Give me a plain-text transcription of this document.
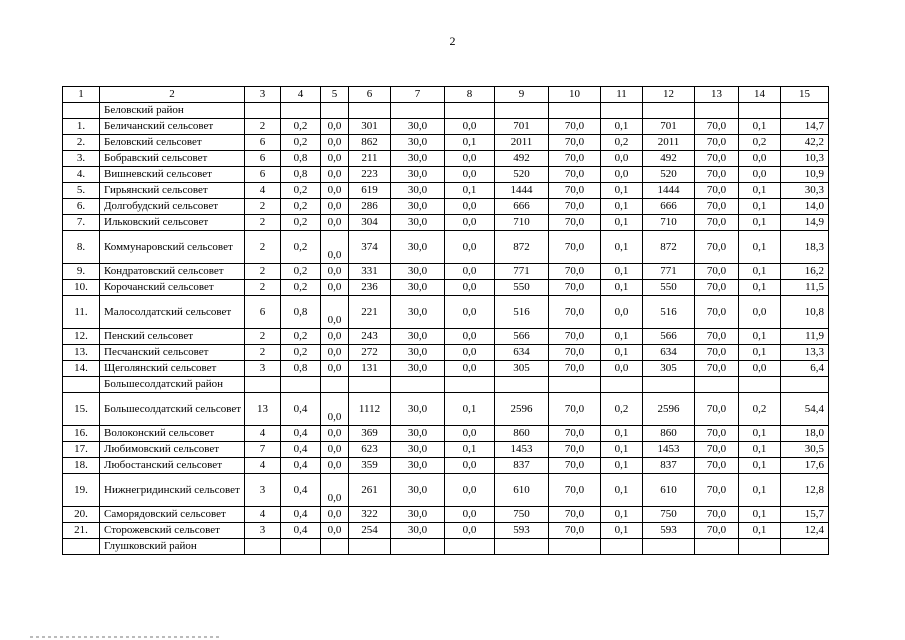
2
1	2	3	4	5	6	7	8	9	10	11	12	13	14	15
	Беловский район													
1.	Беличанский сельсовет	2	0,2	0,0	301	30,0	0,0	701	70,0	0,1	701	70,0	0,1	14,7
2.	Беловский сельсовет	6	0,2	0,0	862	30,0	0,1	2011	70,0	0,2	2011	70,0	0,2	42,2
3.	Бобравский сельсовет	6	0,8	0,0	211	30,0	0,0	492	70,0	0,0	492	70,0	0,0	10,3
4.	Вишневский сельсовет	6	0,8	0,0	223	30,0	0,0	520	70,0	0,0	520	70,0	0,0	10,9
5.	Гирьянский сельсовет	4	0,2	0,0	619	30,0	0,1	1444	70,0	0,1	1444	70,0	0,1	30,3
6.	Долгобудский сельсовет	2	0,2	0,0	286	30,0	0,0	666	70,0	0,1	666	70,0	0,1	14,0
7.	Ильковский сельсовет	2	0,2	0,0	304	30,0	0,0	710	70,0	0,1	710	70,0	0,1	14,9
8.	Коммунаровский сельсовет	2	0,2	0,0	374	30,0	0,0	872	70,0	0,1	872	70,0	0,1	18,3
9.	Кондратовский сельсовет	2	0,2	0,0	331	30,0	0,0	771	70,0	0,1	771	70,0	0,1	16,2
10.	Корочанский сельсовет	2	0,2	0,0	236	30,0	0,0	550	70,0	0,1	550	70,0	0,1	11,5
11.	Малосолдатский сельсовет	6	0,8	0,0	221	30,0	0,0	516	70,0	0,0	516	70,0	0,0	10,8
12.	Пенский сельсовет	2	0,2	0,0	243	30,0	0,0	566	70,0	0,1	566	70,0	0,1	11,9
13.	Песчанский сельсовет	2	0,2	0,0	272	30,0	0,0	634	70,0	0,1	634	70,0	0,1	13,3
14.	Щеголянский сельсовет	3	0,8	0,0	131	30,0	0,0	305	70,0	0,0	305	70,0	0,0	6,4
	Большесолдатский район													
15.	Большесолдатский сельсовет	13	0,4	0,0	1112	30,0	0,1	2596	70,0	0,2	2596	70,0	0,2	54,4
16.	Волоконский сельсовет	4	0,4	0,0	369	30,0	0,0	860	70,0	0,1	860	70,0	0,1	18,0
17.	Любимовский сельсовет	7	0,4	0,0	623	30,0	0,1	1453	70,0	0,1	1453	70,0	0,1	30,5
18.	Любостанский сельсовет	4	0,4	0,0	359	30,0	0,0	837	70,0	0,1	837	70,0	0,1	17,6
19.	Нижнегридинский сельсовет	3	0,4	0,0	261	30,0	0,0	610	70,0	0,1	610	70,0	0,1	12,8
20.	Саморядовский сельсовет	4	0,4	0,0	322	30,0	0,0	750	70,0	0,1	750	70,0	0,1	15,7
21.	Сторожевский сельсовет	3	0,4	0,0	254	30,0	0,0	593	70,0	0,1	593	70,0	0,1	12,4
	Глушковский район													
